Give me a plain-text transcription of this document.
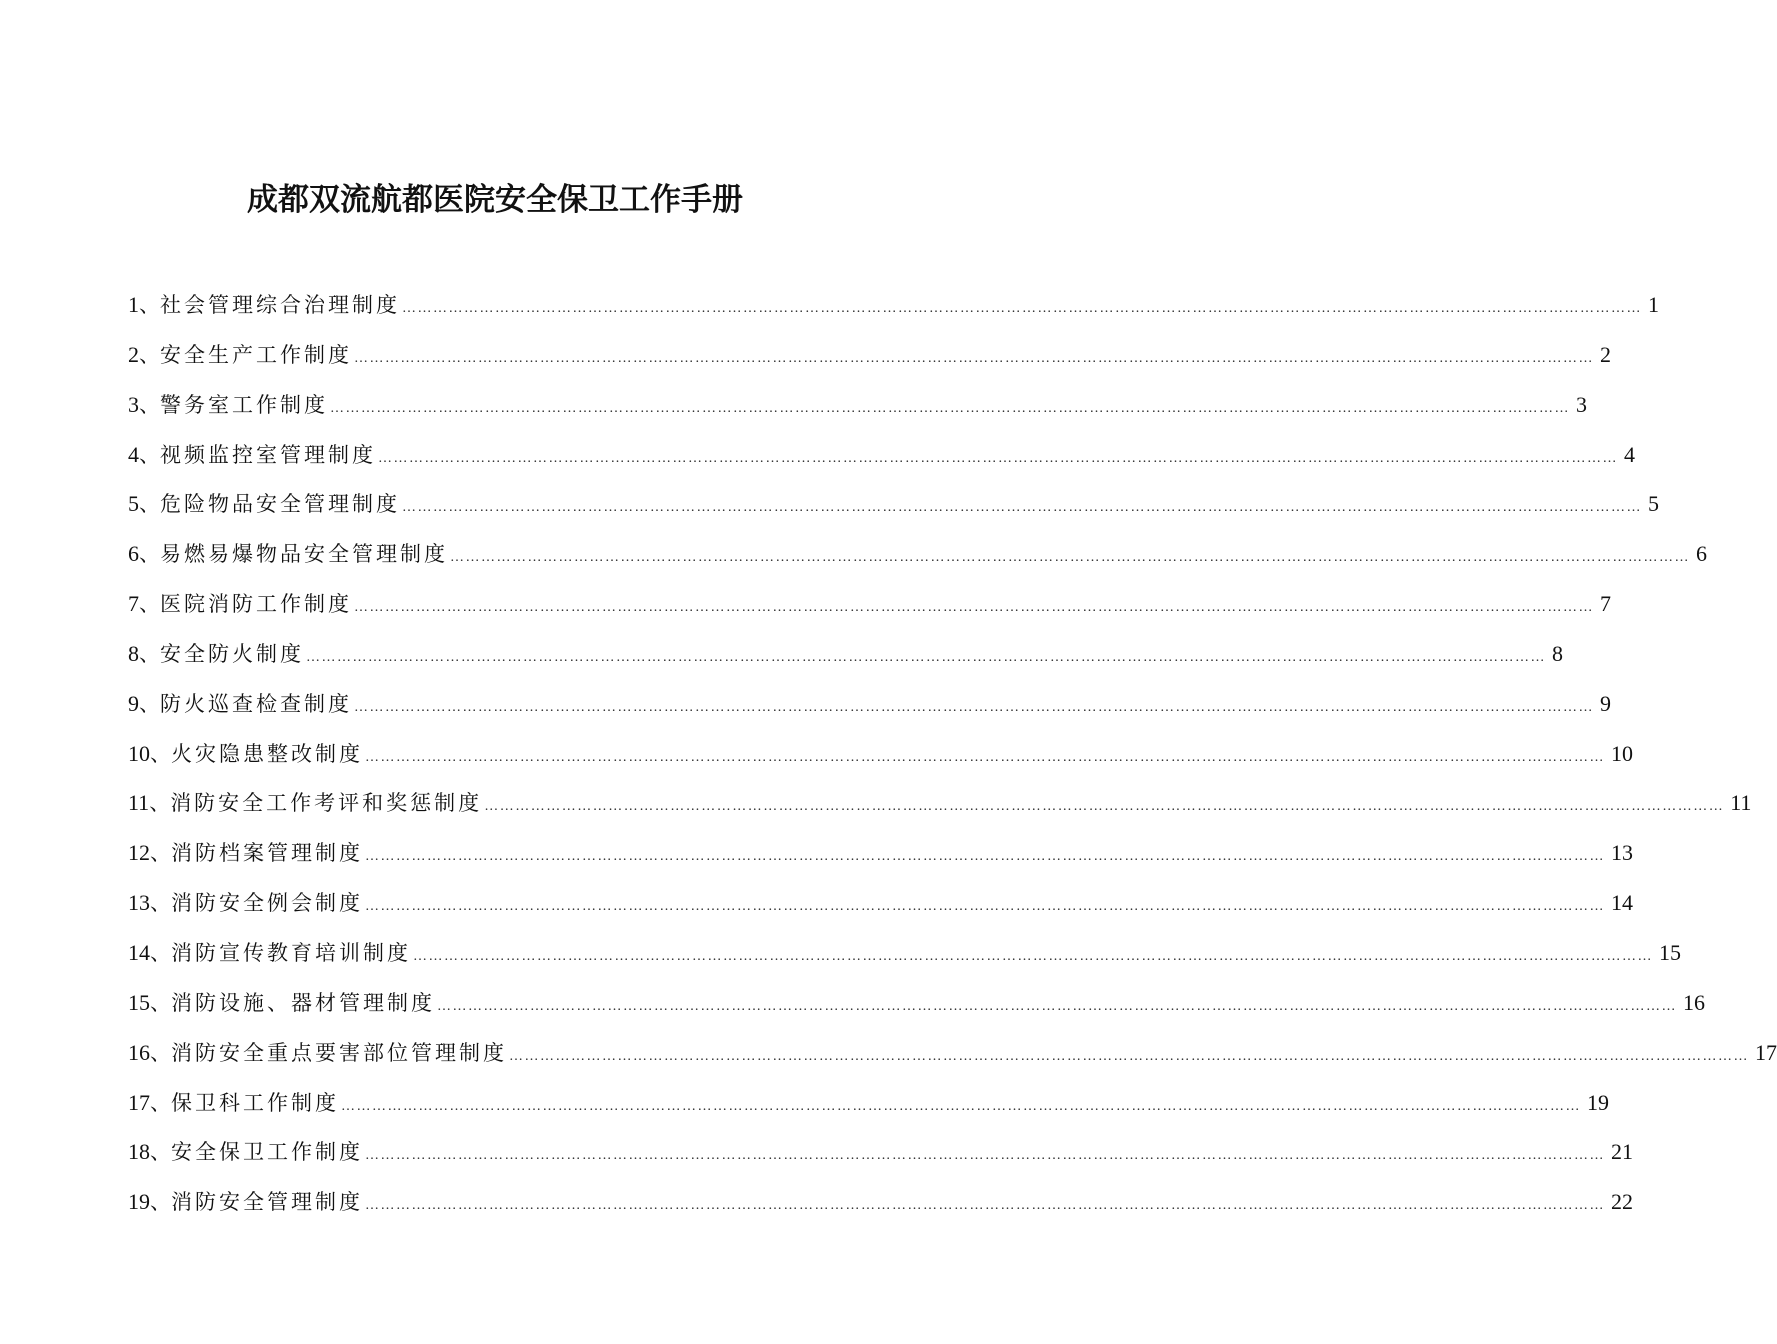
成都双流航都医院安全保卫工作手册
1 、 社会管理综合治理制度 …………………………………………………………………………………………………………………………………………………………………………………………………………………… 1
2 、 安全生产工作制度 …………………………………………………………………………………………………………………………………………………………………………………………………………………… 2
3 、 警务室工作制度 …………………………………………………………………………………………………………………………………………………………………………………………………………………… 3
4 、 视频监控室管理制度 …………………………………………………………………………………………………………………………………………………………………………………………………………………… 4
5 、 危险物品安全管理制度 …………………………………………………………………………………………………………………………………………………………………………………………………………………… 5
6 、 易燃易爆物品安全管理制度 …………………………………………………………………………………………………………………………………………………………………………………………………………………… 6
7 、 医院消防工作制度 …………………………………………………………………………………………………………………………………………………………………………………………………………………… 7
8 、 安全防火制度 …………………………………………………………………………………………………………………………………………………………………………………………………………………… 8
9 、 防火巡查检查制度 …………………………………………………………………………………………………………………………………………………………………………………………………………………… 9
10 、 火灾隐患整改制度 …………………………………………………………………………………………………………………………………………………………………………………………………………………… 10
11 、 消防安全工作考评和奖惩制度 …………………………………………………………………………………………………………………………………………………………………………………………………………………… 11
12 、 消防档案管理制度 …………………………………………………………………………………………………………………………………………………………………………………………………………………… 13
13 、 消防安全例会制度 …………………………………………………………………………………………………………………………………………………………………………………………………………………… 14
14 、 消防宣传教育培训制度 …………………………………………………………………………………………………………………………………………………………………………………………………………………… 15
15 、 消防设施、器材管理制度 …………………………………………………………………………………………………………………………………………………………………………………………………………………… 16
16 、 消防安全重点要害部位管理制度 …………………………………………………………………………………………………………………………………………………………………………………………………………………… 17
17 、 保卫科工作制度 …………………………………………………………………………………………………………………………………………………………………………………………………………………… 19
18 、 安全保卫工作制度 …………………………………………………………………………………………………………………………………………………………………………………………………………………… 21
19 、 消防安全管理制度 …………………………………………………………………………………………………………………………………………………………………………………………………………………… 22
